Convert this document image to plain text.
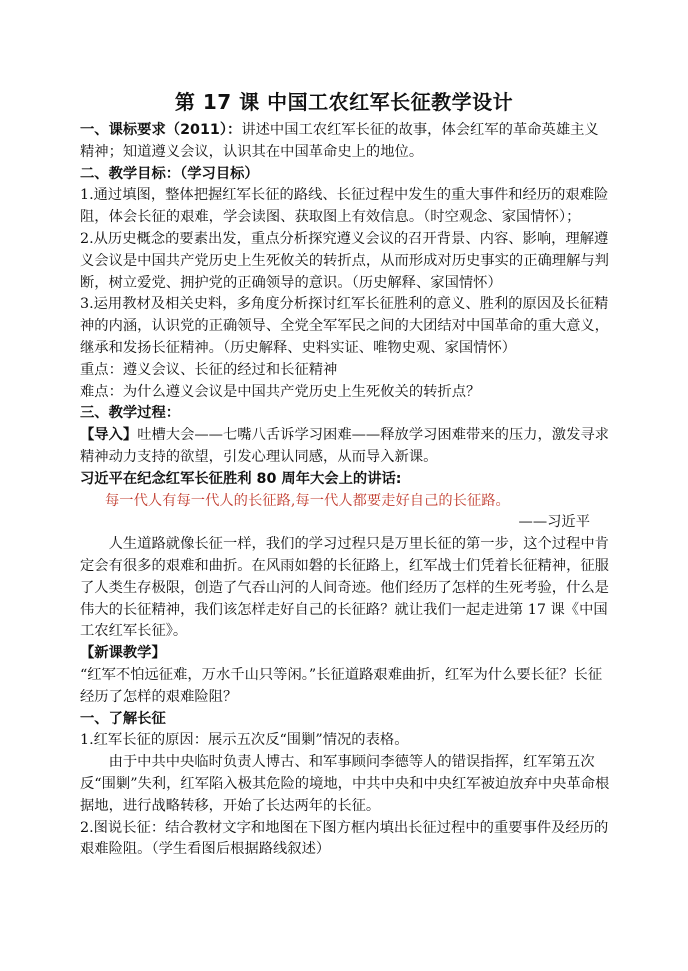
第 17 课 中国工农红军长征教学设计

一、课标要求（2011）：讲述中国工农红军长征的故事，体会红军的革命英雄主义精神；知道遵义会议，认识其在中国革命史上的地位。

二、教学目标：（学习目标）

1.通过填图，整体把握红军长征的路线、长征过程中发生的重大事件和经历的艰难险阻，体会长征的艰难，学会读图、获取图上有效信息。（时空观念、家国情怀）；

2.从历史概念的要素出发，重点分析探究遵义会议的召开背景、内容、影响，理解遵义会议是中国共产党历史上生死攸关的转折点，从而形成对历史事实的正确理解与判断，树立爱党、拥护党的正确领导的意识。（历史解释、家国情怀）

3.运用教材及相关史料，多角度分析探讨红军长征胜利的意义、胜利的原因及长征精神的内涵，认识党的正确领导、全党全军军民之间的大团结对中国革命的重大意义，继承和发扬长征精神。（历史解释、史料实证、唯物史观、家国情怀）

重点：遵义会议、长征的经过和长征精神

难点：为什么遵义会议是中国共产党历史上生死攸关的转折点？

三、教学过程：

【导入】吐槽大会——七嘴八舌诉学习困难——释放学习困难带来的压力，激发寻求精神动力支持的欲望，引发心理认同感，从而导入新课。

习近平在纪念红军长征胜利 80 周年大会上的讲话:

每一代人有每一代人的长征路,每一代人都要走好自己的长征路。

——习近平

人生道路就像长征一样，我们的学习过程只是万里长征的第一步，这个过程中肯定会有很多的艰难和曲折。在风雨如磐的长征路上，红军战士们凭着长征精神，征服了人类生存极限，创造了气吞山河的人间奇迹。他们经历了怎样的生死考验，什么是伟大的长征精神，我们该怎样走好自己的长征路？就让我们一起走进第 17 课《中国工农红军长征》。

【新课教学】

“红军不怕远征难，万水千山只等闲。”长征道路艰难曲折，红军为什么要长征？长征经历了怎样的艰难险阻？

一、了解长征

1.红军长征的原因：展示五次反“围剿”情况的表格。

由于中共中央临时负责人博古、和军事顾问李德等人的错误指挥，红军第五次反“围剿”失利，红军陷入极其危险的境地，中共中央和中央红军被迫放弃中央革命根据地，进行战略转移，开始了长达两年的长征。

2.图说长征：结合教材文字和地图在下图方框内填出长征过程中的重要事件及经历的艰难险阻。（学生看图后根据路线叙述）
